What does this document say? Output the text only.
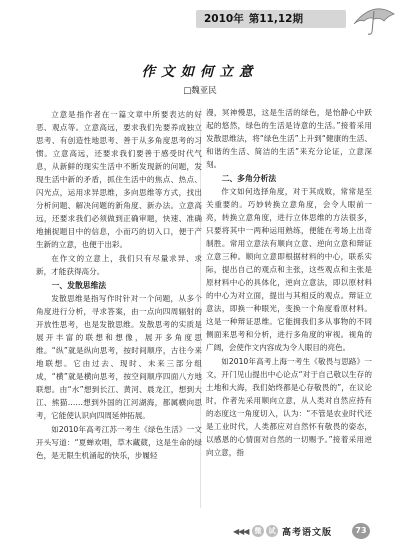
2010年 第11,12期
作文如何立意
□魏亚民

立意是指作者在一篇文章中所要表达的好恶、观点等。立意高远，要求我们先要养成独立思考、有创造性地思考、善于从多角度思考的习惯。立意高远，还要求我们要善于感受时代气息，从新鲜的现实生活中不断发现新的问题，发现生活中新的矛盾，抓住生活中的焦点、热点、闪光点，运用求异思维，多向思维等方式，找出分析问题、解决问题的新角度、新办法。立意高远，还要求我们必须做到正确审题，快速、准确地捕捉题目中的信息，小而巧的切入口，便于产生新的立意，也便于出彩。

在作文的立意上，我们只有尽量求异、求新，才能获得高分。

一、发散思维法

发散思维是指写作时针对一个问题，从多个角度进行分析，寻求答案，由一点向四周辐射的开放性思考，也是发散思维。发散思考的实质是展开丰富的联想和想像，展开多角度思维。“纵”就是纵向思考，按时间顺序，古往今来地联想。它由过去、现时、未来三部分组成，“横”就是横向思考，按空间顺序四面八方地联想。由“水”想到长江、黄河、晨龙江，想到大江、熊猫……想到外国的江河湖海，都属横向思考，它能使认识向四周延伸拓展。

如2010年高考江苏一考生《绿色生活》一文开头写道：“夏蝉欢唱，草木藏葳，这是生命的绿色，是无限生机涌起的快乐，步履轻

漫，冥神慢思，这是生活的绿色，是怡静心中跃起的悠然，绿色的生活是诗意的生活。”接着采用发散思维法，将“绿色生活”上升到“健康的生活、和谐的生活、简洁的生活”来充分论证，立意深刻。

二、多角分析法

作文如何选择角度，对于其成败，常常是至关重要的。巧妙转换立意角度，会令人眼前一亮，转换立意角度，进行立体思维的方法很多，只要将其中一两种运用熟练，便能在考场上出奇制胜。常用立意法有顺向立意、逆向立意和辩证立意三种。顺向立意即根据材料的中心，联系实际，提出自己的观点和主张，这些观点和主张是原材料中心的具体化，逆向立意法，即以原材料的中心为对立面，提出与其相反的观点。辩证立意法，即换一种眼光，变换一个角度看原材料。这是一种辩证思维。它能拥我们多从事物的不同侧面来思考和分析，进行多角度的审视。视角的广阔，会使作文内容成为令人眼目的亮色。

如2010年高考上海一考生《敬畏与思路》一文，开门见山提出中心论点“对于自己敬以生存的土地和大海，我们始终都是心存敬畏的”，在议论时，作者先采用顺向立意，从人类对自然应持有的态度这一角度切入，认为：“不管是农业时代还是工业时代，人类都应对自然怀有敬畏的姿态，以感恩的心情面对自然的一切赐予。”接着采用逆向立意，指

◀◀◀ 微	试 高考语文版	73
